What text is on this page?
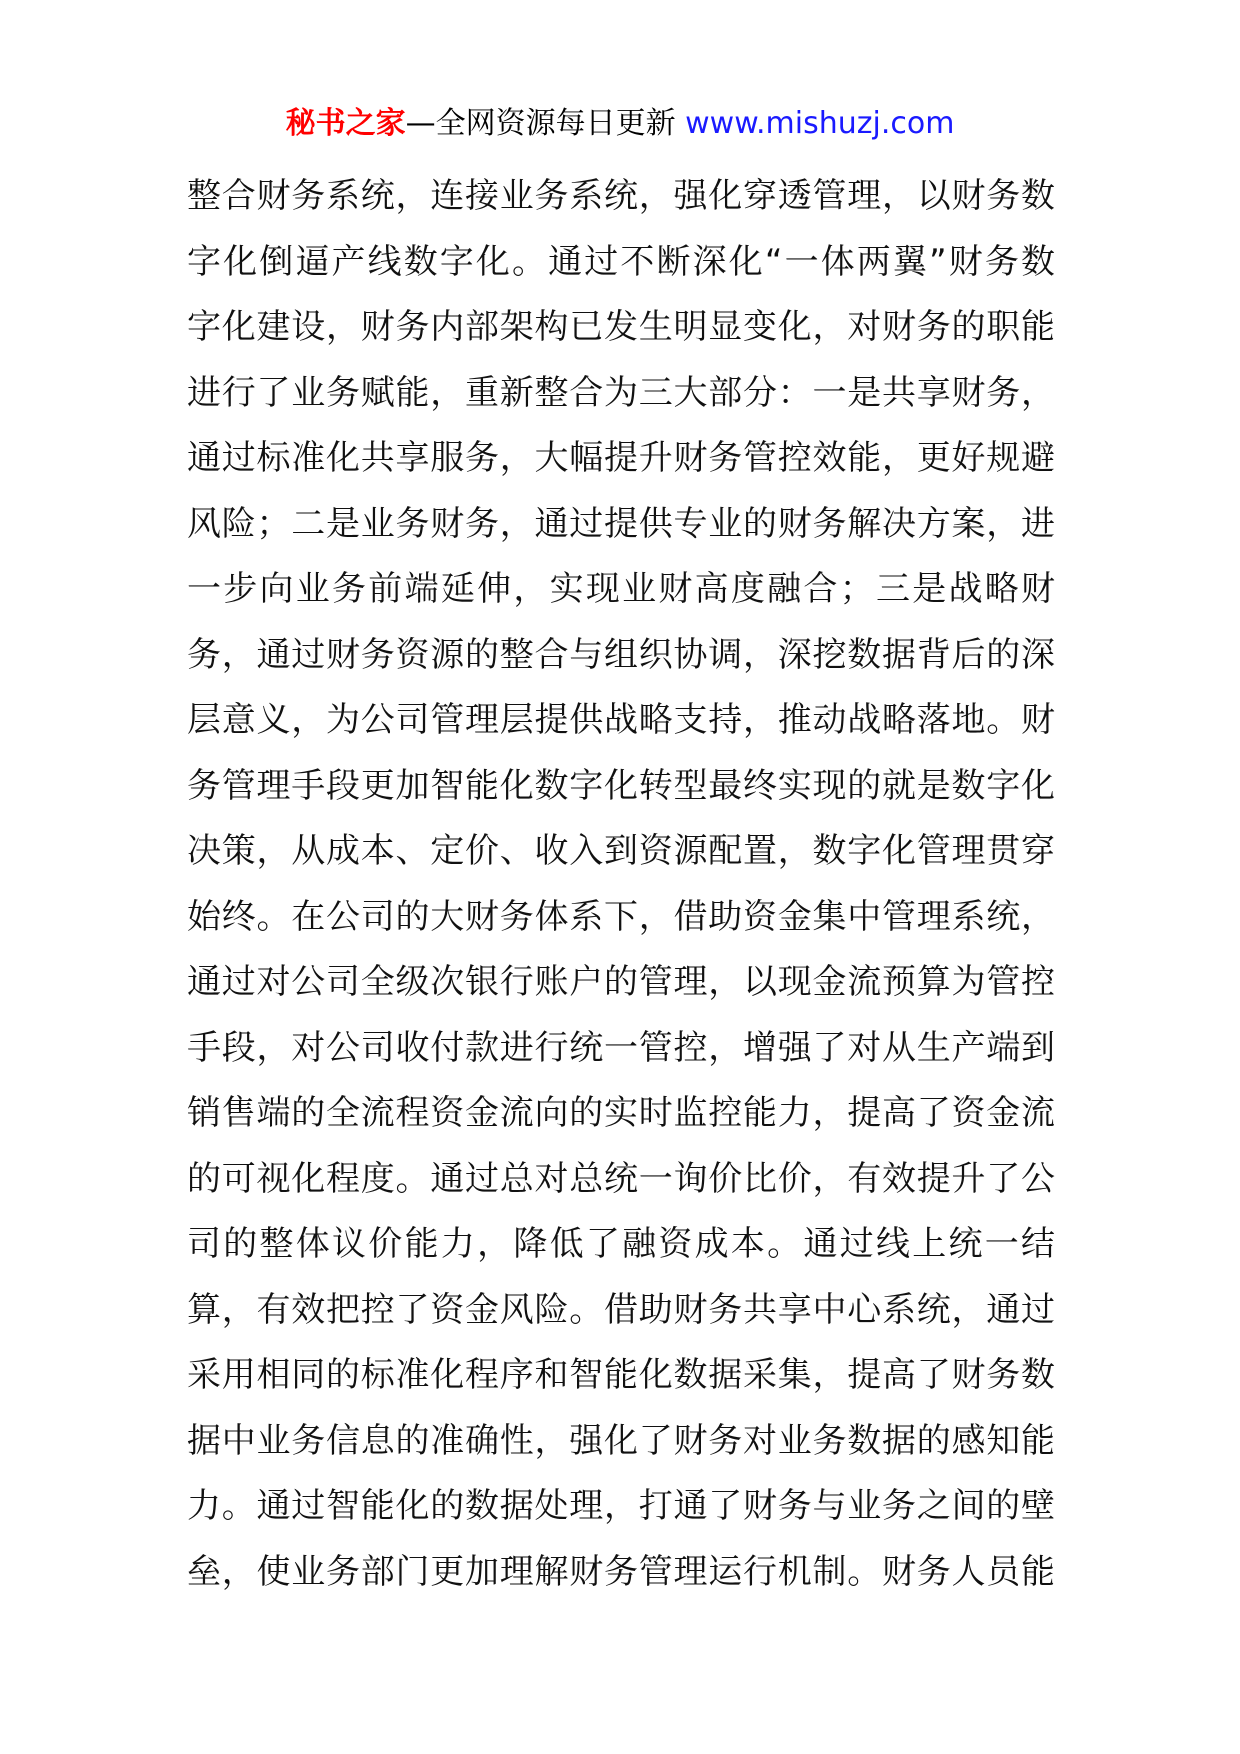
秘书之家—全网资源每日更新 www.mishuzj.com
整合财务系统，连接业务系统，强化穿透管理，以财务数
字化倒逼产线数字化。通过不断深化“一体两翼”财务数
字化建设，财务内部架构已发生明显变化，对财务的职能
进行了业务赋能，重新整合为三大部分：一是共享财务，
通过标准化共享服务，大幅提升财务管控效能，更好规避
风险；二是业务财务，通过提供专业的财务解决方案，进
一步向业务前端延伸，实现业财高度融合；三是战略财
务，通过财务资源的整合与组织协调，深挖数据背后的深
层意义，为公司管理层提供战略支持，推动战略落地。财
务管理手段更加智能化数字化转型最终实现的就是数字化
决策，从成本、定价、收入到资源配置，数字化管理贯穿
始终。在公司的大财务体系下，借助资金集中管理系统，
通过对公司全级次银行账户的管理，以现金流预算为管控
手段，对公司收付款进行统一管控，增强了对从生产端到
销售端的全流程资金流向的实时监控能力，提高了资金流
的可视化程度。通过总对总统一询价比价，有效提升了公
司的整体议价能力，降低了融资成本。通过线上统一结
算，有效把控了资金风险。借助财务共享中心系统，通过
采用相同的标准化程序和智能化数据采集，提高了财务数
据中业务信息的准确性，强化了财务对业务数据的感知能
力。通过智能化的数据处理，打通了财务与业务之间的壁
垒，使业务部门更加理解财务管理运行机制。财务人员能
